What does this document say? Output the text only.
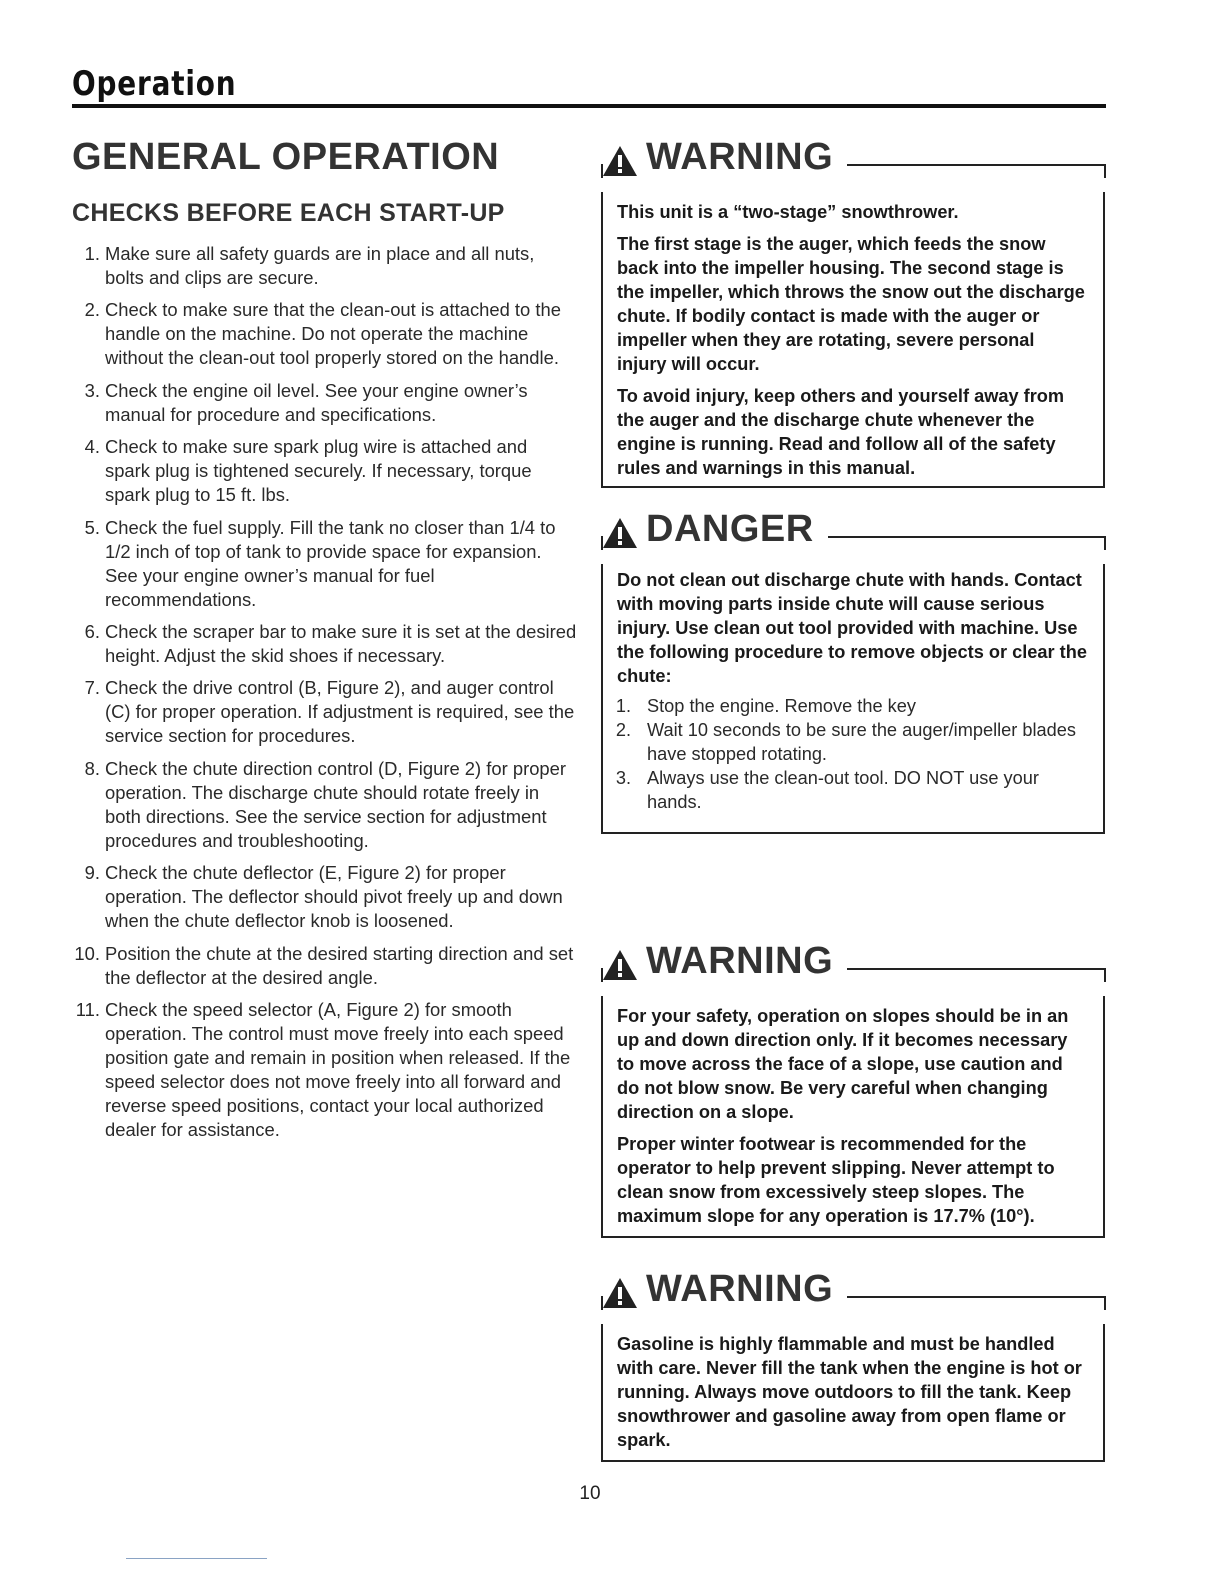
Operation
GENERAL OPERATION
CHECKS BEFORE EACH START-UP
1 . Make sure all safety guards are in place and all nuts, bolts and clips are secure.
2 . Check to make sure that the clean-out is attached to the handle on the machine. Do not operate the machine without the clean-out tool properly stored on the handle.
3 . Check the engine oil level. See your engine owner’s manual for procedure and specifications.
4 . Check to make sure spark plug wire is attached and spark plug is tightened securely. If necessary, torque spark plug to 15 ft. lbs.
5 . Check the fuel supply. Fill the tank no closer than 1/4 to 1/2 inch of top of tank to provide space for expansion. See your engine owner’s manual for fuel recommendations.
6 . Check the scraper bar to make sure it is set at the desired height. Adjust the skid shoes if necessary.
7 . Check the drive control (B, Figure 2), and auger control (C) for proper operation. If adjustment is required, see the service section for procedures.
8 . Check the chute direction control (D, Figure 2) for proper operation. The discharge chute should rotate freely in both directions. See the service section for adjustment procedures and troubleshooting.
9 . Check the chute deflector (E, Figure 2) for proper operation. The deflector should pivot freely up and down when the chute deflector knob is loosened.
10 . Position the chute at the desired starting direction and set the deflector at the desired angle.
11 . Check the speed selector (A, Figure 2) for smooth operation. The control must move freely into each speed position gate and remain in position when released. If the speed selector does not move freely into all forward and reverse speed positions, contact your local authorized dealer for assistance.

This unit is a “two-stage” snowthrower.

The first stage is the auger, which feeds the snow back into the impeller housing. The second stage is the impeller, which throws the snow out the discharge chute. If bodily contact is made with the auger or impeller when they are rotating, severe personal injury will occur.

To avoid injury, keep others and yourself away from the auger and the discharge chute whenever the engine is running. Read and follow all of the safety rules and warnings in this manual.

WARNING

Do not clean out discharge chute with hands. Contact with moving parts inside chute will cause serious injury. Use clean out tool provided with machine. Use the following procedure to remove objects or clear the chute:

1 . Stop the engine. Remove the key
2 . Wait 10 seconds to be sure the auger/impeller blades have stopped rotating.
3 . Always use the clean-out tool. DO NOT use your hands.
DANGER

For your safety, operation on slopes should be in an up and down direction only. If it becomes necessary to move across the face of a slope, use caution and do not blow snow. Be very careful when changing direction on a slope.

Proper winter footwear is recommended for the operator to help prevent slipping. Never attempt to clean snow from excessively steep slopes. The maximum slope for any operation is 17.7% (10°).

WARNING

Gasoline is highly flammable and must be handled with care. Never fill the tank when the engine is hot or running. Always move outdoors to fill the tank. Keep snowthrower and gasoline away from open flame or spark.

WARNING
10
